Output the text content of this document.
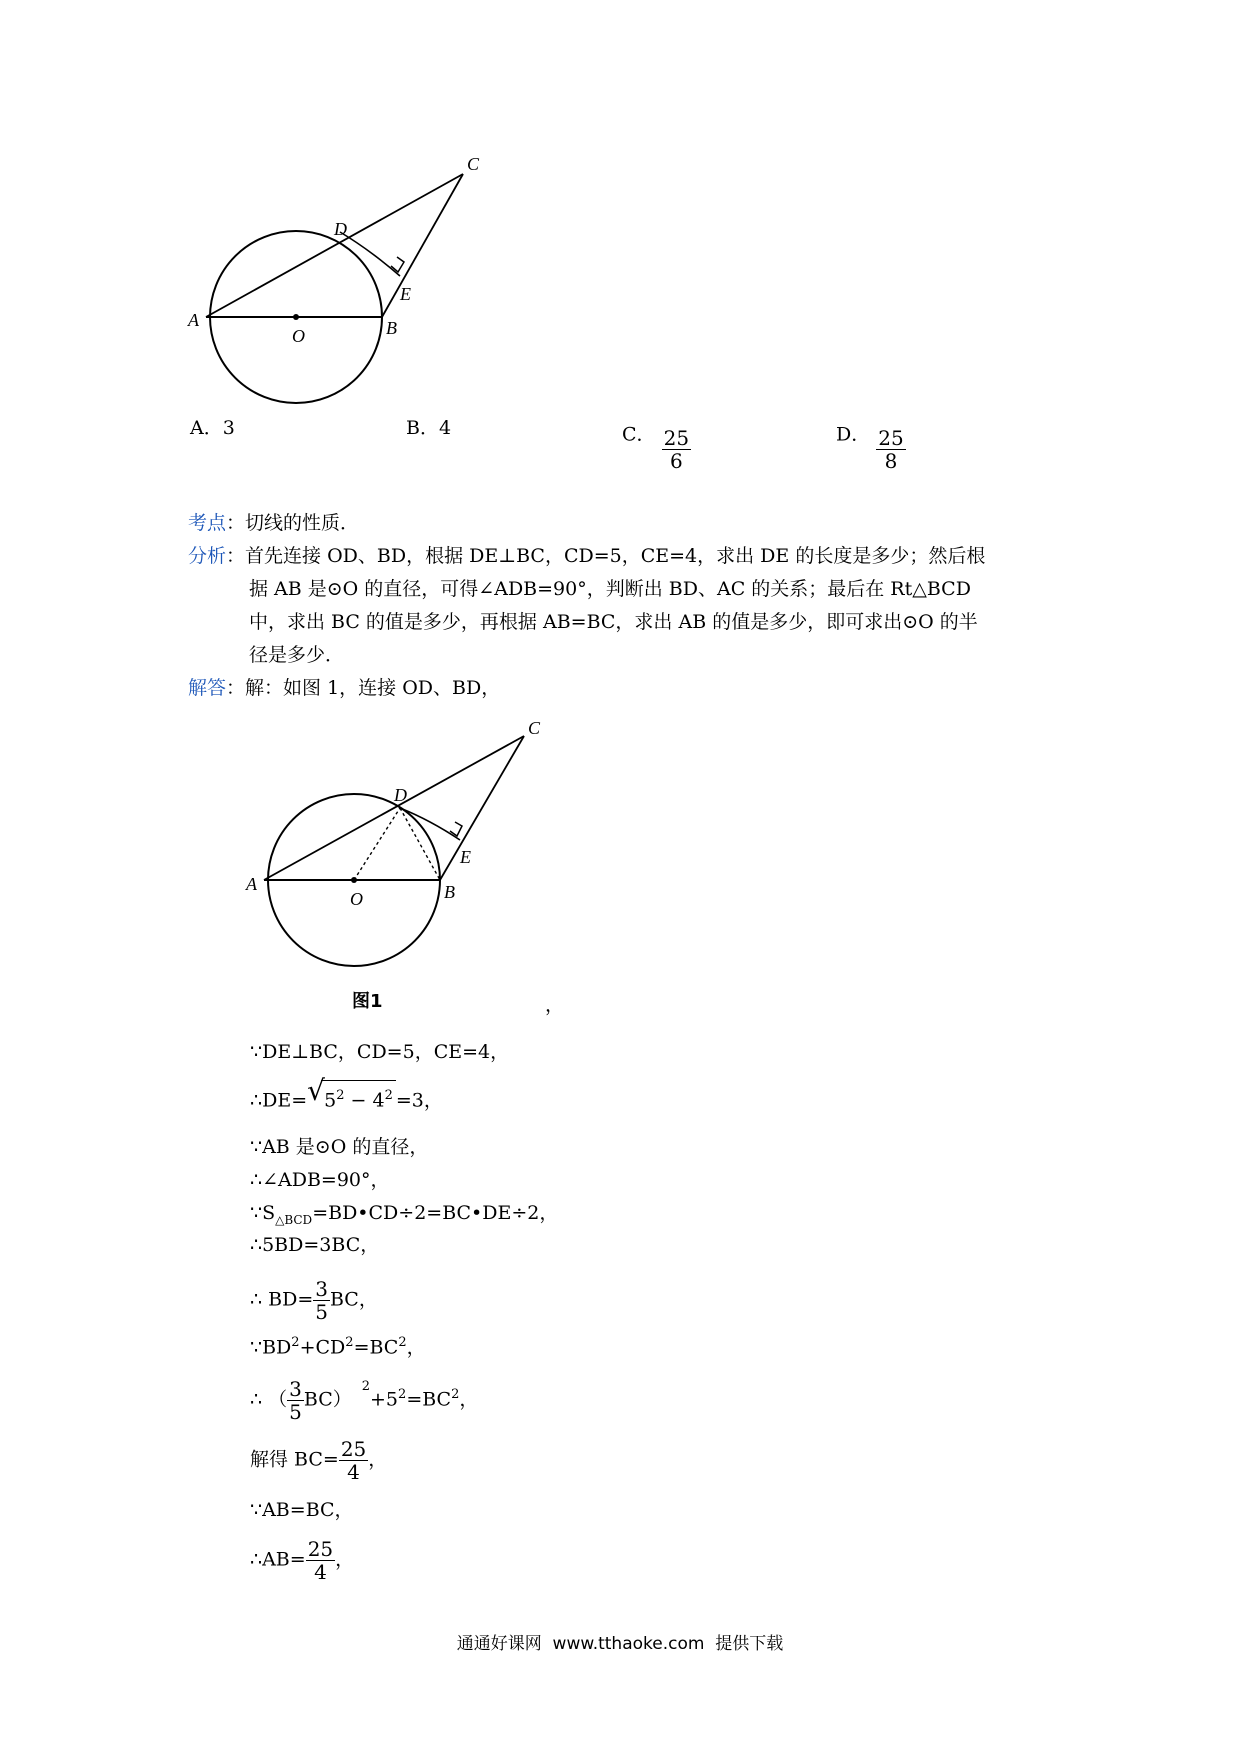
A
O	B
C
D
E
A．3	B．4	C． $\frac{25}{6}$	D． $\frac{25}{8}$
考点：切线的性质．
分析：首先连接 OD、BD，根据 DE⊥BC，CD=5，CE=4，求出 DE 的长度是多少；然后根
据 AB 是⊙O 的直径，可得∠ADB=90°，判断出 BD、AC 的关系；最后在 Rt△BCD
中，求出 BC 的值是多少，再根据 AB=BC，求出 AB 的值是多少，即可求出⊙O 的半
径是多少．
解答：解：如图 1，连接 OD、BD，
A
O	B
C
D
E
图1	，
∵DE⊥BC，CD=5，CE=4，
∴DE= √ $5^2 - 4^2 =3$，
∵AB 是⊙O 的直径，
∴∠ADB=90°，
$\because S_{\triangle BCD}=BD•CD\div 2=BC•DE\div 2$，
∴5BD=3BC，
∴ $BD= \frac{3}{5}$ BC，
$\because BD^2+CD^2=BC^2$，
∴ （ $\frac{3}{5} BC)^2+5^2=BC^2$，
解得 $BC= \frac{25}{4}$ ，
∵AB=BC，
∴AB= $\frac{25}{4}$ ，
通通好课网  www.tthaoke.com  提供下载
